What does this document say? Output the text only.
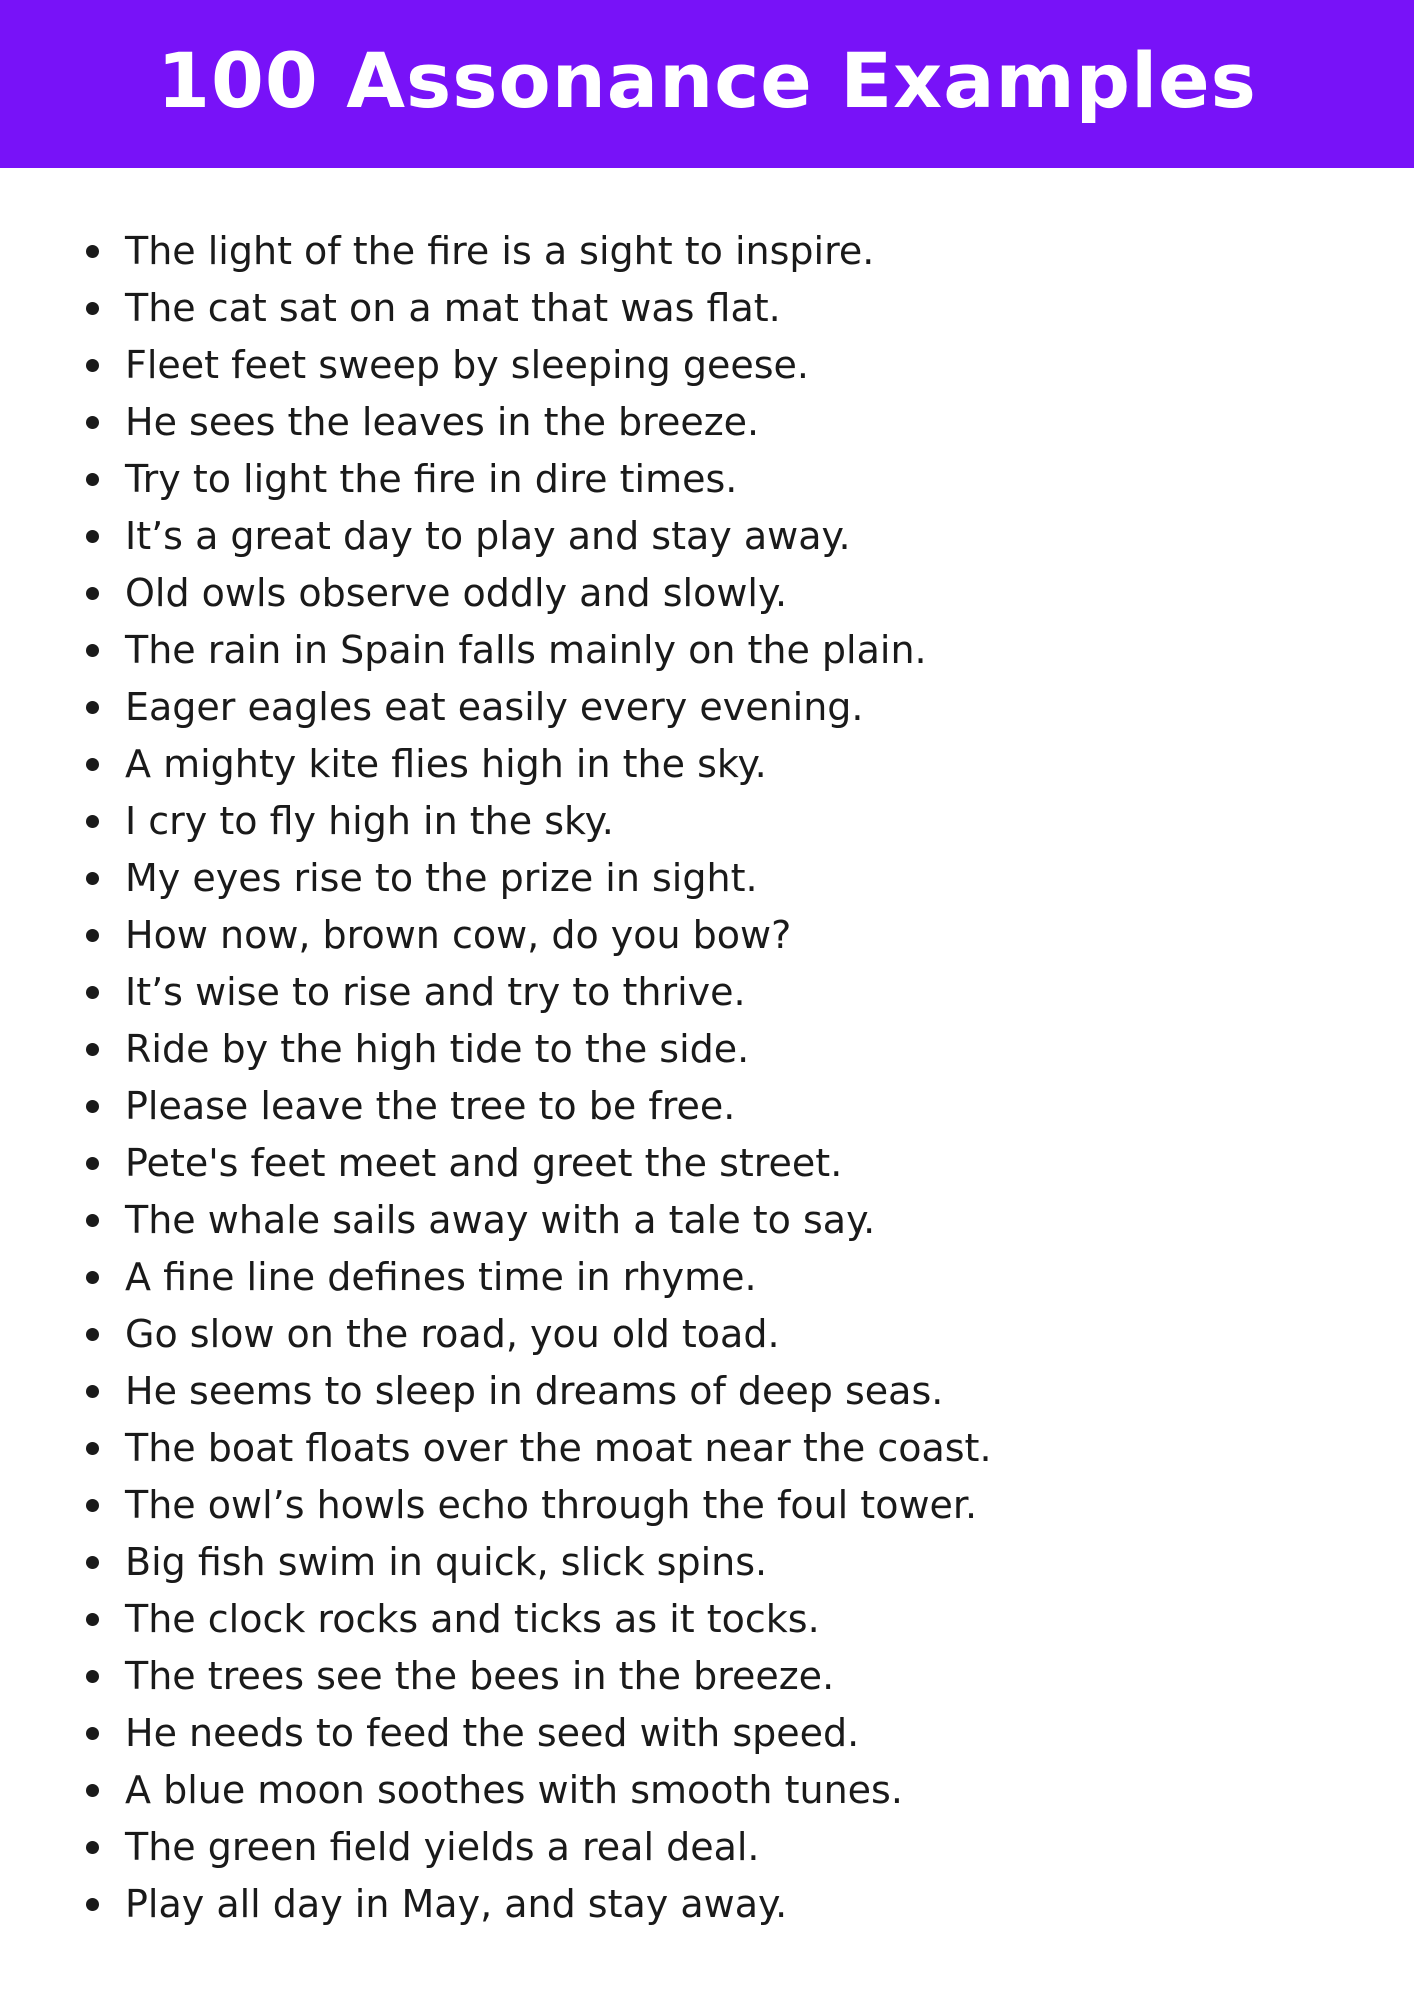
100 Assonance Examples
The light of the fire is a sight to inspire.
The cat sat on a mat that was flat.
Fleet feet sweep by sleeping geese.
He sees the leaves in the breeze.
Try to light the fire in dire times.
It’s a great day to play and stay away.
Old owls observe oddly and slowly.
The rain in Spain falls mainly on the plain.
Eager eagles eat easily every evening.
A mighty kite flies high in the sky.
I cry to fly high in the sky.
My eyes rise to the prize in sight.
How now, brown cow, do you bow?
It’s wise to rise and try to thrive.
Ride by the high tide to the side.
Please leave the tree to be free.
Pete's feet meet and greet the street.
The whale sails away with a tale to say.
A fine line defines time in rhyme.
Go slow on the road, you old toad.
He seems to sleep in dreams of deep seas.
The boat floats over the moat near the coast.
The owl’s howls echo through the foul tower.
Big fish swim in quick, slick spins.
The clock rocks and ticks as it tocks.
The trees see the bees in the breeze.
He needs to feed the seed with speed.
A blue moon soothes with smooth tunes.
The green field yields a real deal.
Play all day in May, and stay away.
